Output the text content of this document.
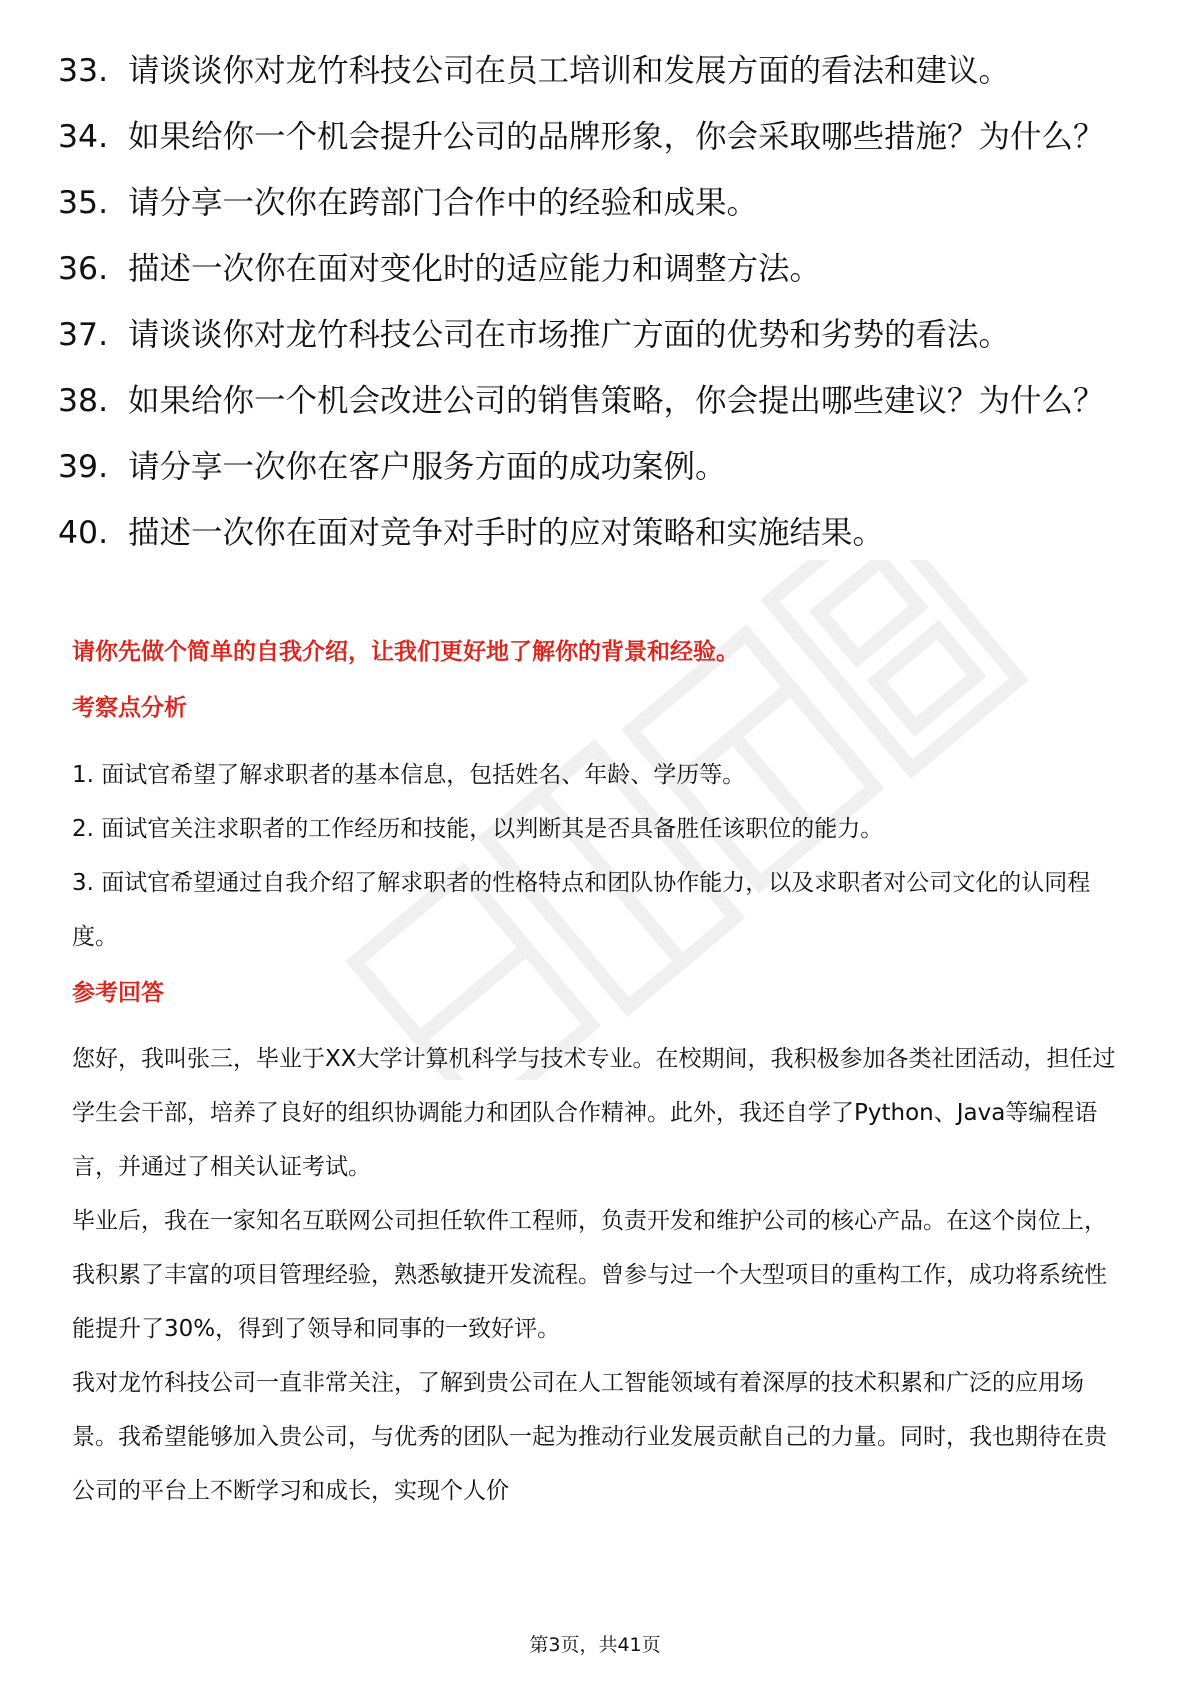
33. 请谈谈你对龙竹科技公司在员工培训和发展方面的看法和建议。
34. 如果给你一个机会提升公司的品牌形象，你会采取哪些措施？为什么？
35. 请分享一次你在跨部门合作中的经验和成果。
36. 描述一次你在面对变化时的适应能力和调整方法。
37. 请谈谈你对龙竹科技公司在市场推广方面的优势和劣势的看法。
38. 如果给你一个机会改进公司的销售策略，你会提出哪些建议？为什么？
39. 请分享一次你在客户服务方面的成功案例。
40. 描述一次你在面对竞争对手时的应对策略和实施结果。
请你先做个简单的自我介绍，让我们更好地了解你的背景和经验。
考察点分析

1. 面试官希望了解求职者的基本信息，包括姓名、年龄、学历等。

2. 面试官关注求职者的工作经历和技能，以判断其是否具备胜任该职位的能力。

3. 面试官希望通过自我介绍了解求职者的性格特点和团队协作能力，以及求职者对公司文化的认同程度。

参考回答

您好，我叫张三，毕业于XX大学计算机科学与技术专业。在校期间，我积极参加各类社团活动，担任过学生会干部，培养了良好的组织协调能力和团队合作精神。此外，我还自学了Python、Java等编程语言，并通过了相关认证考试。

毕业后，我在一家知名互联网公司担任软件工程师，负责开发和维护公司的核心产品。在这个岗位上，我积累了丰富的项目管理经验，熟悉敏捷开发流程。曾参与过一个大型项目的重构工作，成功将系统性能提升了30%，得到了领导和同事的一致好评。

我对龙竹科技公司一直非常关注，了解到贵公司在人工智能领域有着深厚的技术积累和广泛的应用场景。我希望能够加入贵公司，与优秀的团队一起为推动行业发展贡献自己的力量。同时，我也期待在贵公司的平台上不断学习和成长，实现个人价

第3页，共41页
